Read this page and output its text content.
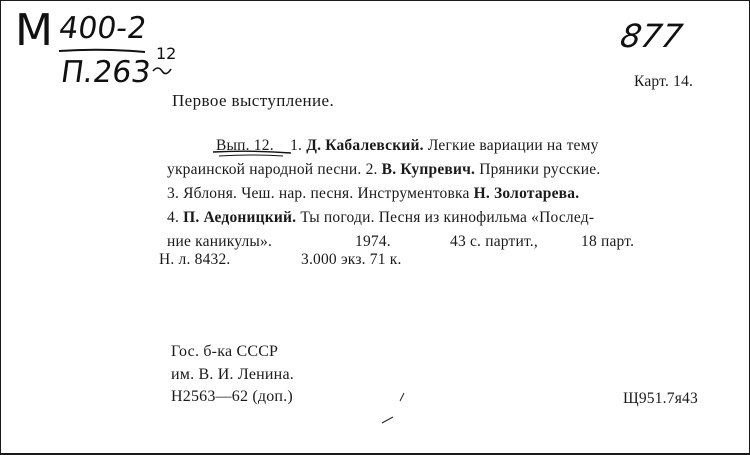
М 400-2
П.263
12	877
Карт. 14.
Первое выступление.
Вып. 12. 1. Д. Кабалевский. Легкие вариации на тему
украинской народной песни. 2. В. Купревич. Пряники русские.
3. Яблоня. Чеш. нар. песня. Инструментовка Н. Золотарева.
4. П. Аедоницкий. Ты погоди. Песня из кинофильма «Послед-
ние каникулы».	1974.	43 с. партит.,	18 парт.
Н. л. 8432.	3.000 экз. 71 к.
Гос. б-ка СССР
им. В. И. Ленина.
Н2563—62 (доп.)	Щ951.7я43
